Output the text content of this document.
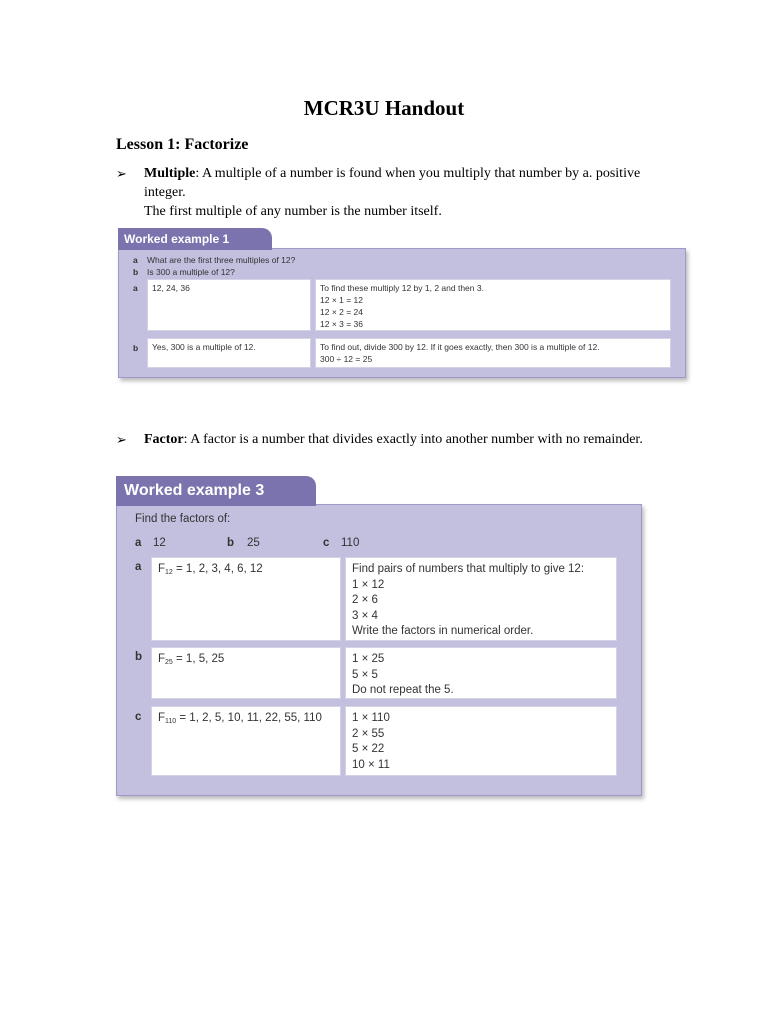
MCR3U Handout
Lesson 1: Factorize
➢ Multiple: A multiple of a number is found when you multiply that number by a. positive integer.
The first multiple of any number is the number itself.
a What are the first three multiples of 12?
b Is 300 a multiple of 12?
a	12, 24, 36	To find these multiply 12 by 1, 2 and then 3.
12 × 1 = 12
12 × 2 = 24
12 × 3 = 36
b	Yes, 300 is a multiple of 12.	To find out, divide 300 by 12. If it goes exactly, then 300 is a multiple of 12.
300 ÷ 12 = 25
Worked example 1
➢ Factor: A factor is a number that divides exactly into another number with no remainder.
Find the factors of:
a 12	b 25	c 110
a	$F_{12} = 1$, 2, 3, 4, 6, 12	Find pairs of numbers that multiply to give 12:
1 × 12
2 × 6
3 × 4
Write the factors in numerical order.
b	$F_{25} = 1$, 5, 25	1 × 25
5 × 5
Do not repeat the 5.
c	$F_{110} = 1$, 2, 5, 10, 11, 22, 55, 110	1 × 110
2 × 55
5 × 22
10 × 11
Worked example 3
